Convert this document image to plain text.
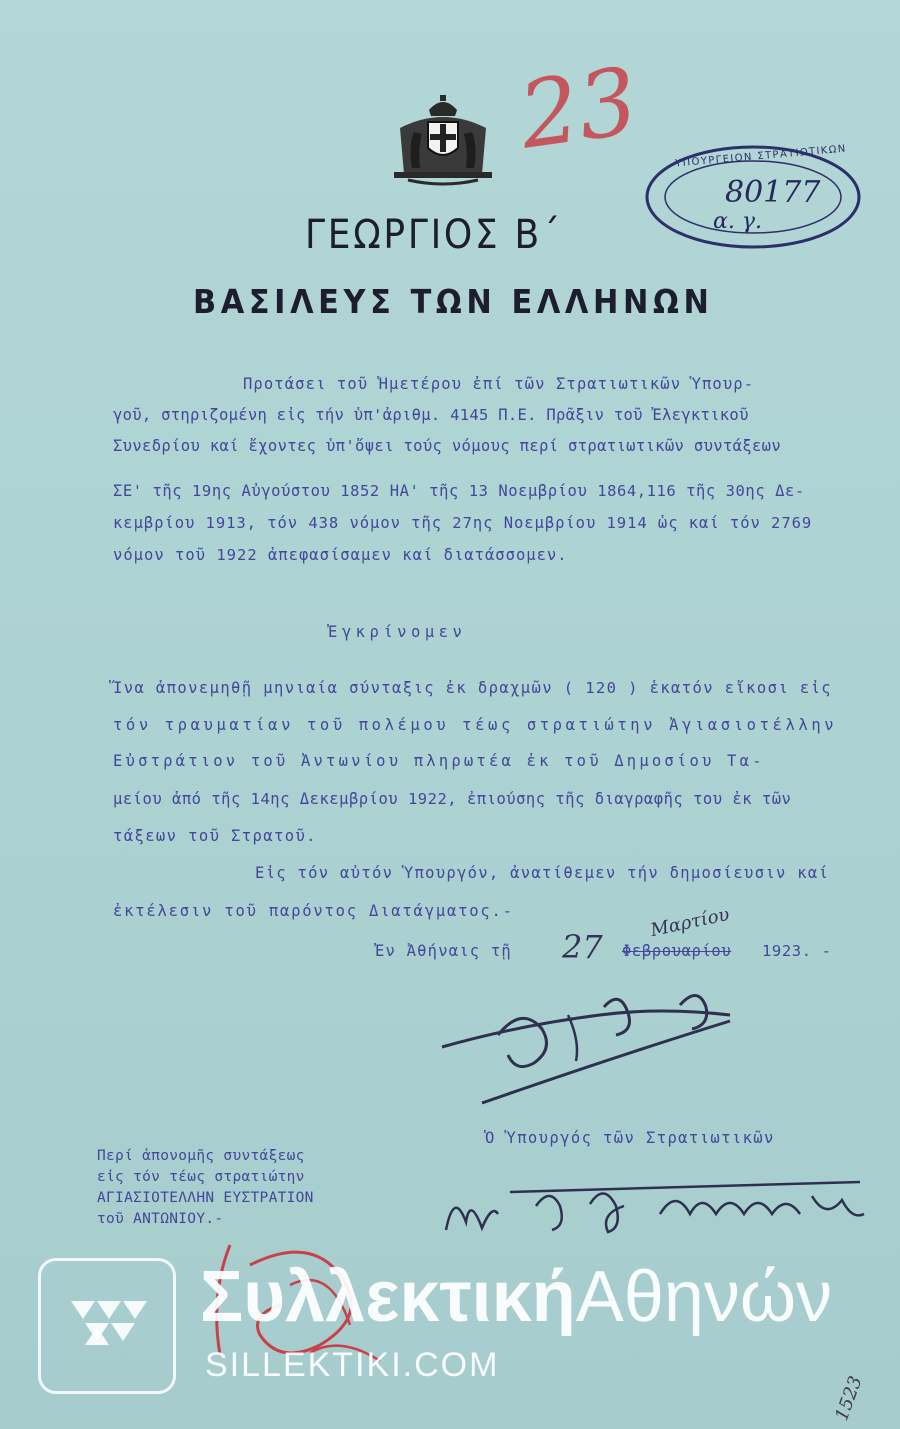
23	ΥΠΟΥΡΓΕΙΟΝ ΣΤΡΑΤΙΩΤΙΚΩΝ
80177
α. γ.
ΓΕΩΡΓΙΟΣ Β΄
ΒΑΣΙΛΕΥΣ ΤΩΝ ΕΛΛΗΝΩΝ
Προτάσει τοῦ Ἡμετέρου ἐπί τῶν Στρατιωτικῶν Ὑπουρ-
γοῦ, στηριζομένη εἰς τήν ὑπ'ἀριθμ. 4145 Π.Ε. Πρᾶξιν τοῦ Ἐλεγκτικοῦ
Συνεδρίου καί ἔχοντες ὑπ'ὄψει τούς νόμους περί στρατιωτικῶν συντάξεων
ΣΕ' τῆς 19ης Αὐγούστου 1852 ΗΑ' τῆς 13 Νοεμβρίου 1864,116 τῆς 30ης Δε-
κεμβρίου 1913, τόν 438 νόμον τῆς 27ης Νοεμβρίου 1914 ὡς καί τόν 2769
νόμον τοῦ 1922 ἀπεφασίσαμεν καί διατάσσομεν.
Ἐγκρίνομεν
Ἵνα ἀπονεμηθῇ μηνιαία σύνταξις ἐκ δραχμῶν ( 120 ) ἑκατόν εἴκοσι εἰς
τόν τραυματίαν τοῦ πολέμου τέως στρατιώτην Ἀγιασιοτέλλην
Εὐστράτιον τοῦ Ἀντωνίου πληρωτέα ἐκ τοῦ Δημοσίου Τα-
μείου ἀπό τῆς 14ης Δεκεμβρίου 1922, ἐπιούσης τῆς διαγραφῆς του ἐκ τῶν
τάξεων τοῦ Στρατοῦ.
Εἰς τόν αὐτόν Ὑπουργόν, ἀνατίθεμεν τήν δημοσίευσιν καί
ἐκτέλεσιν τοῦ παρόντος Διατάγματος.-
Ἐν Ἀθήναις τῇ 27 Φεβρουαρίου
Μαρτίου
1923. -
Ὁ Ὑπουργός τῶν Στρατιωτικῶν
Περί ἀπονομῆς συντάξεως
εἰς τόν τέως στρατιώτην
ΑΓΙΑΣΙΟΤΕΛΛΗΝ ΕΥΣΤΡΑΤΙΟΝ
τοῦ ΑΝΤΩΝΙΟΥ.-
1523
ΣυλλεκτικήΑθηνών
SILLEKTIKI.COM
